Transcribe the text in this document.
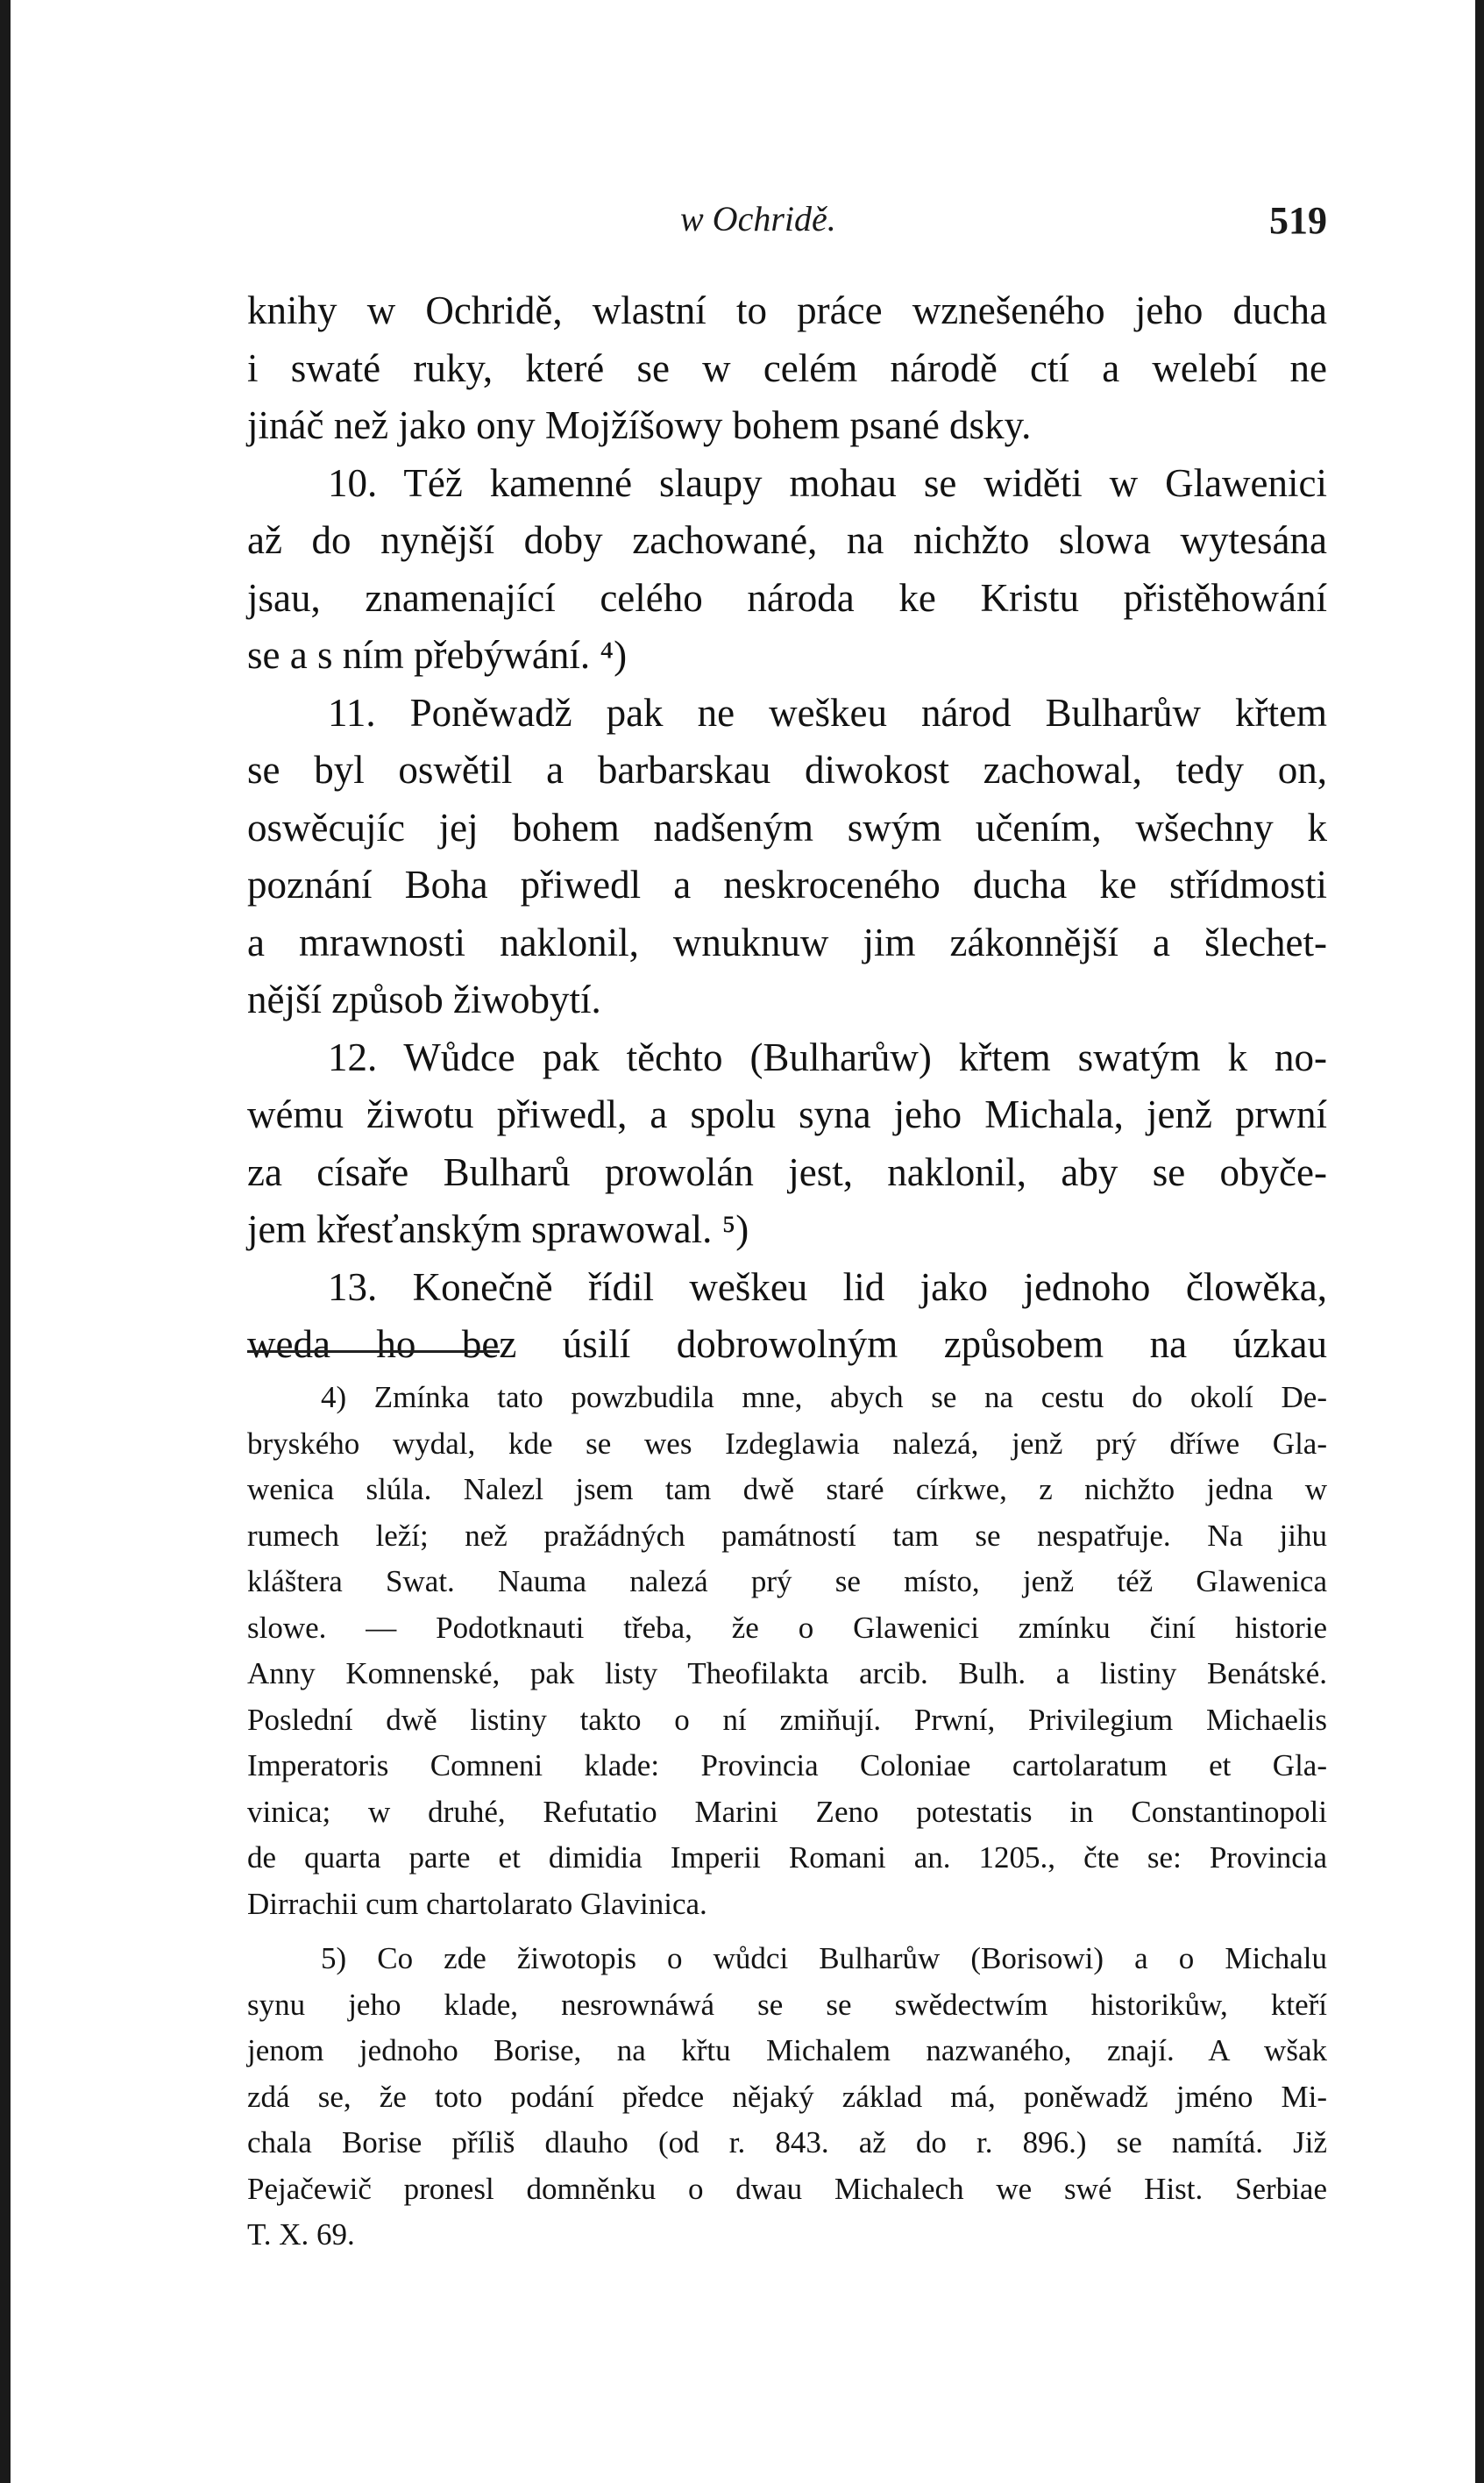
w Ochridě.	519
knihy w Ochridě, wlastní to práce wznešeného jeho ducha
i swaté ruky, které se w celém národě ctí a welebí ne
jináč než jako ony Mojžíšowy bohem psané dsky.
10. Též kamenné slaupy mohau se widěti w Glawenici
až do nynější doby zachowané, na nichžto slowa wytesána
jsau, znamenající celého národa ke Kristu přistěhowání
se a s ním přebýwání. ⁴)
11. Poněwadž pak ne weškeu národ Bulharůw křtem
se byl oswětil a barbarskau diwokost zachowal, tedy on,
oswěcujíc jej bohem nadšeným swým učením, wšechny k
poznání Boha přiwedl a neskroceného ducha ke střídmosti
a mrawnosti naklonil, wnuknuw jim zákonnější a šlechet-
nější způsob žiwobytí.
12. Wůdce pak těchto (Bulharůw) křtem swatým k no-
wému žiwotu přiwedl, a spolu syna jeho Michala, jenž prwní
za císaře Bulharů prowolán jest, naklonil, aby se obyče-
jem křesťanským sprawowal. ⁵)
13. Konečně řídil weškeu lid jako jednoho člowěka,
weda ho bez úsilí dobrowolným způsobem na úzkau
4) Zmínka tato powzbudila mne, abych se na cestu do okolí De-
bryského wydal, kde se wes Izdeglawia nalezá, jenž prý dříwe Gla-
wenica slúla. Nalezl jsem tam dwě staré církwe, z nichžto jedna w
rumech leží; než pražádných památností tam se nespatřuje. Na jihu
kláštera Swat. Nauma nalezá prý se místo, jenž též Glawenica
slowe. — Podotknauti třeba, že o Glawenici zmínku činí historie
Anny Komnenské, pak listy Theofilakta arcib. Bulh. a listiny Benátské.
Poslední dwě listiny takto o ní zmiňují. Prwní, Privilegium Michaelis
Imperatoris Comneni klade: Provincia Coloniae cartolaratum et Gla-
vinica; w druhé, Refutatio Marini Zeno potestatis in Constantinopoli
de quarta parte et dimidia Imperii Romani an. 1205., čte se: Provincia
Dirrachii cum chartolarato Glavinica.
5) Co zde žiwotopis o wůdci Bulharůw (Borisowi) a o Michalu
synu jeho klade, nesrownáwá se se swědectwím historikůw, kteří
jenom jednoho Borise, na křtu Michalem nazwaného, znají. A wšak
zdá se, že toto podání předce nějaký základ má, poněwadž jméno Mi-
chala Borise příliš dlauho (od r. 843. až do r. 896.) se namítá. Již
Pejačewič pronesl domněnku o dwau Michalech we swé Hist. Serbiae
T. X. 69.
